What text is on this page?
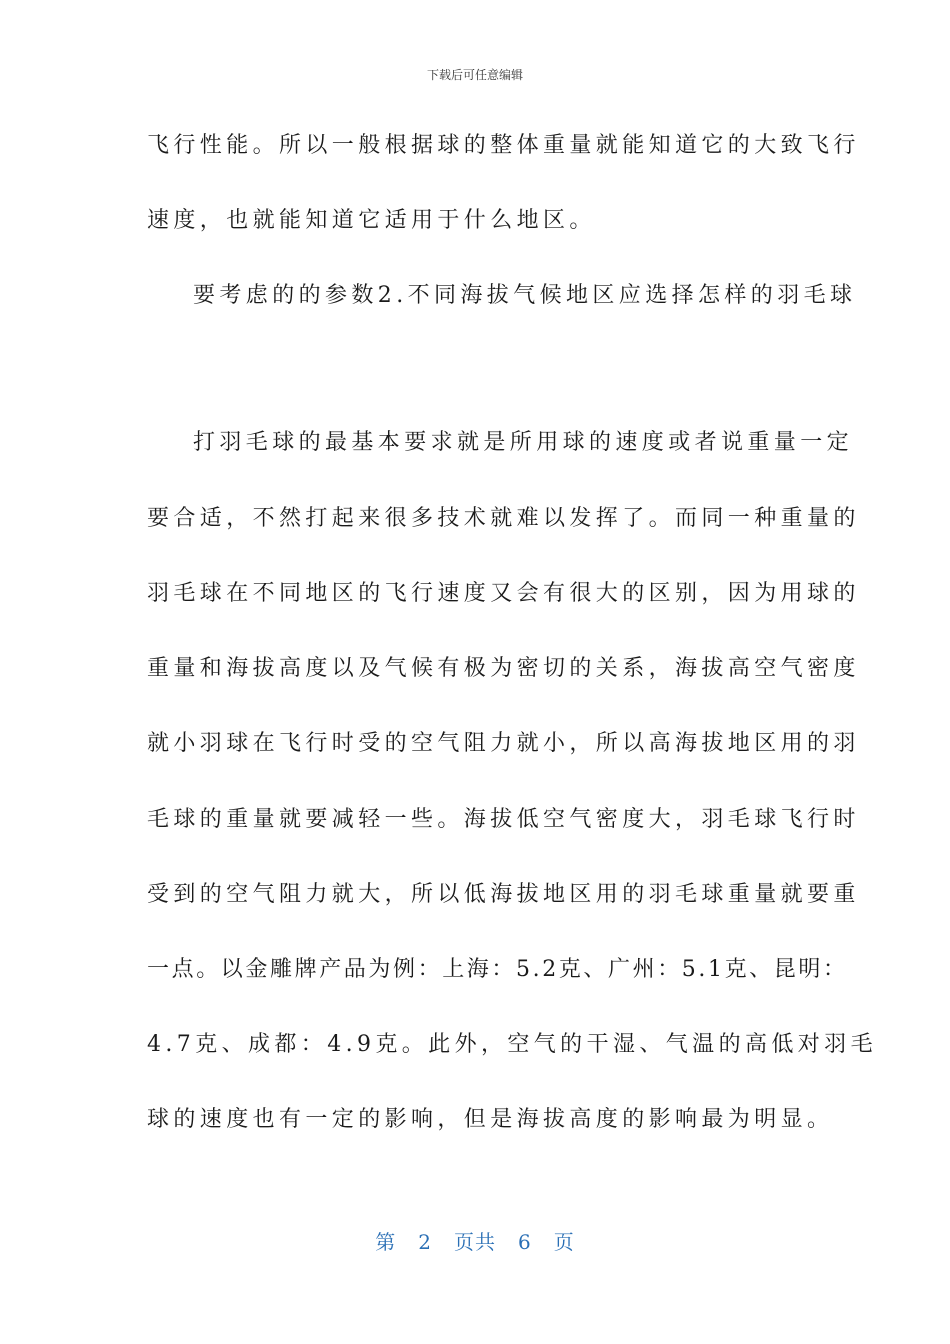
下载后可任意编辑
飞行性能。所以一般根据球的整体重量就能知道它的大致飞行
速度，也就能知道它适用于什么地区。
要考虑的的参数2.不同海拔气候地区应选择怎样的羽毛球
打羽毛球的最基本要求就是所用球的速度或者说重量一定
要合适，不然打起来很多技术就难以发挥了。而同一种重量的
羽毛球在不同地区的飞行速度又会有很大的区别，因为用球的
重量和海拔高度以及气候有极为密切的关系，海拔高空气密度
就小羽球在飞行时受的空气阻力就小，所以高海拔地区用的羽
毛球的重量就要减轻一些。海拔低空气密度大，羽毛球飞行时
受到的空气阻力就大，所以低海拔地区用的羽毛球重量就要重
一点。以金雕牌产品为例：上海：5.2克、广州：5.1克、昆明：
4.7克、成都：4.9克。此外，空气的干湿、气温的高低对羽毛
球的速度也有一定的影响，但是海拔高度的影响最为明显。
第 2 页共 6 页
